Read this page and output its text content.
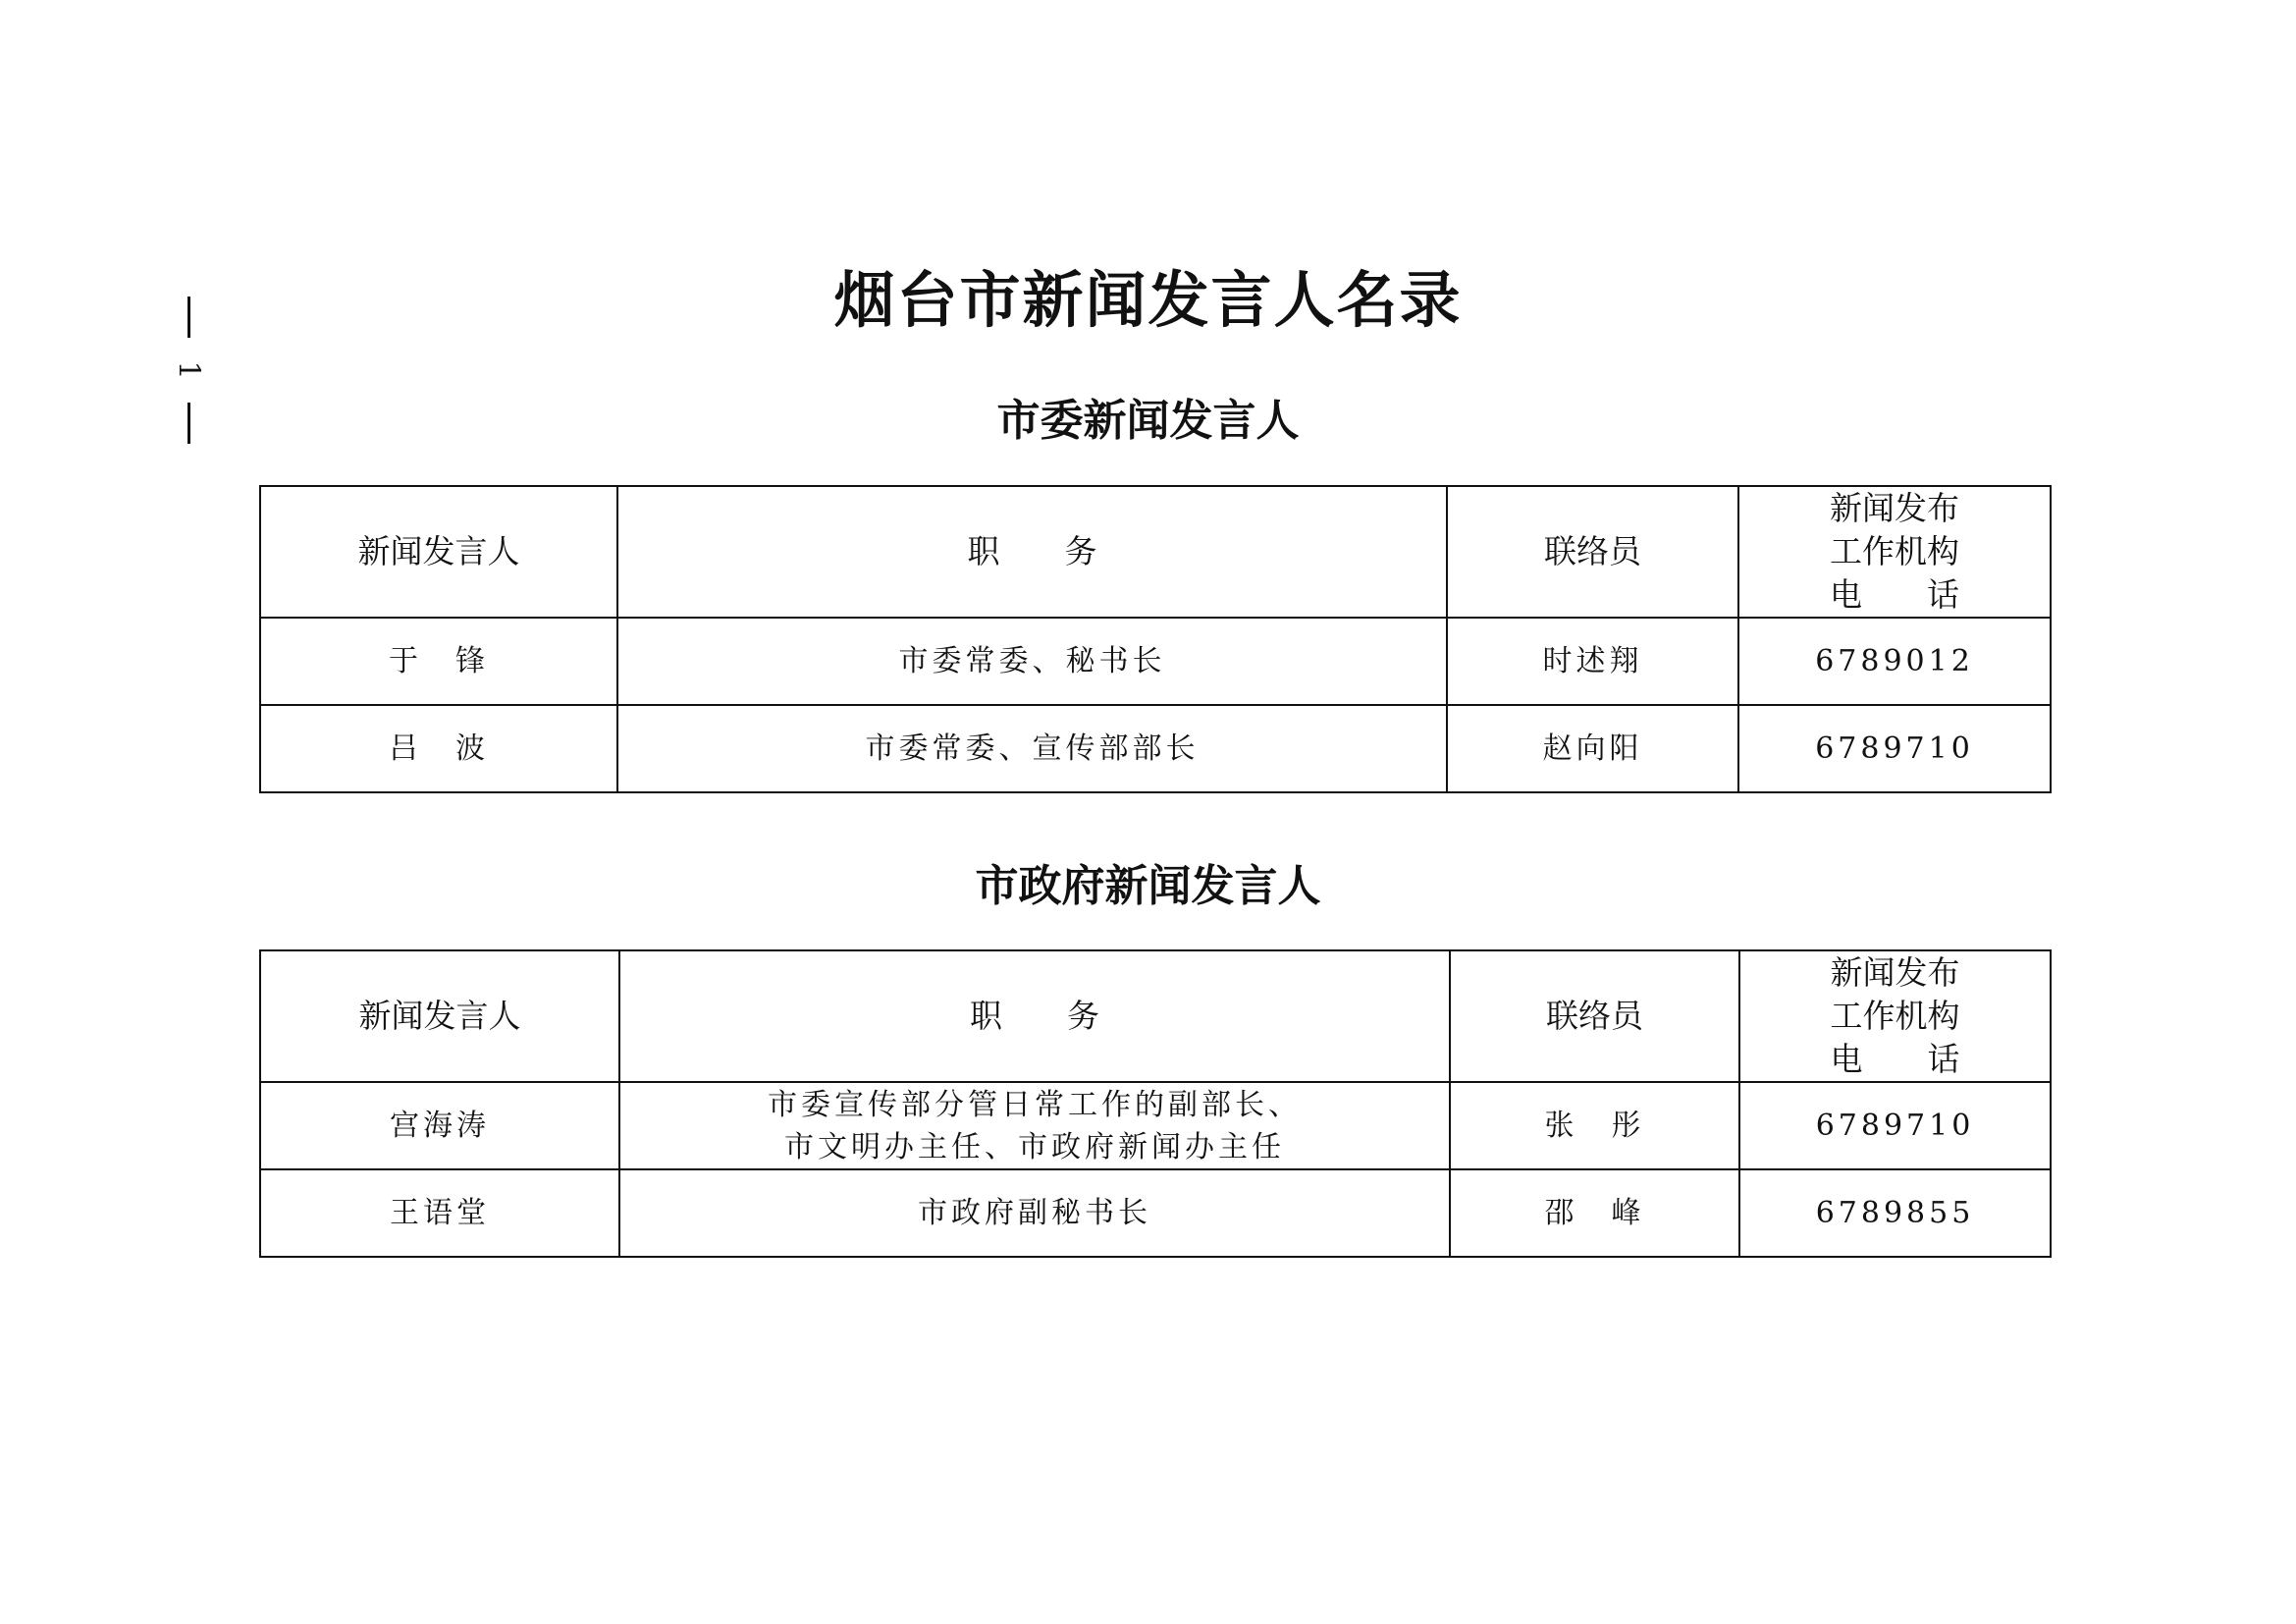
1
烟台市新闻发言人名录
市委新闻发言人
新闻发言人	职　　务	联络员	新闻发布
工作机构
电　　话

于　锋	市委常委、秘书长	时述翔	6789012
吕　波	市委常委、宣传部部长	赵向阳	6789710
市政府新闻发言人
新闻发言人	职　　务	联络员	新闻发布
工作机构
电　　话

宫海涛	市委宣传部分管日常工作的副部长、
市文明办主任、市政府新闻办主任	张　彤	6789710
王语堂	市政府副秘书长	邵　峰	6789855
